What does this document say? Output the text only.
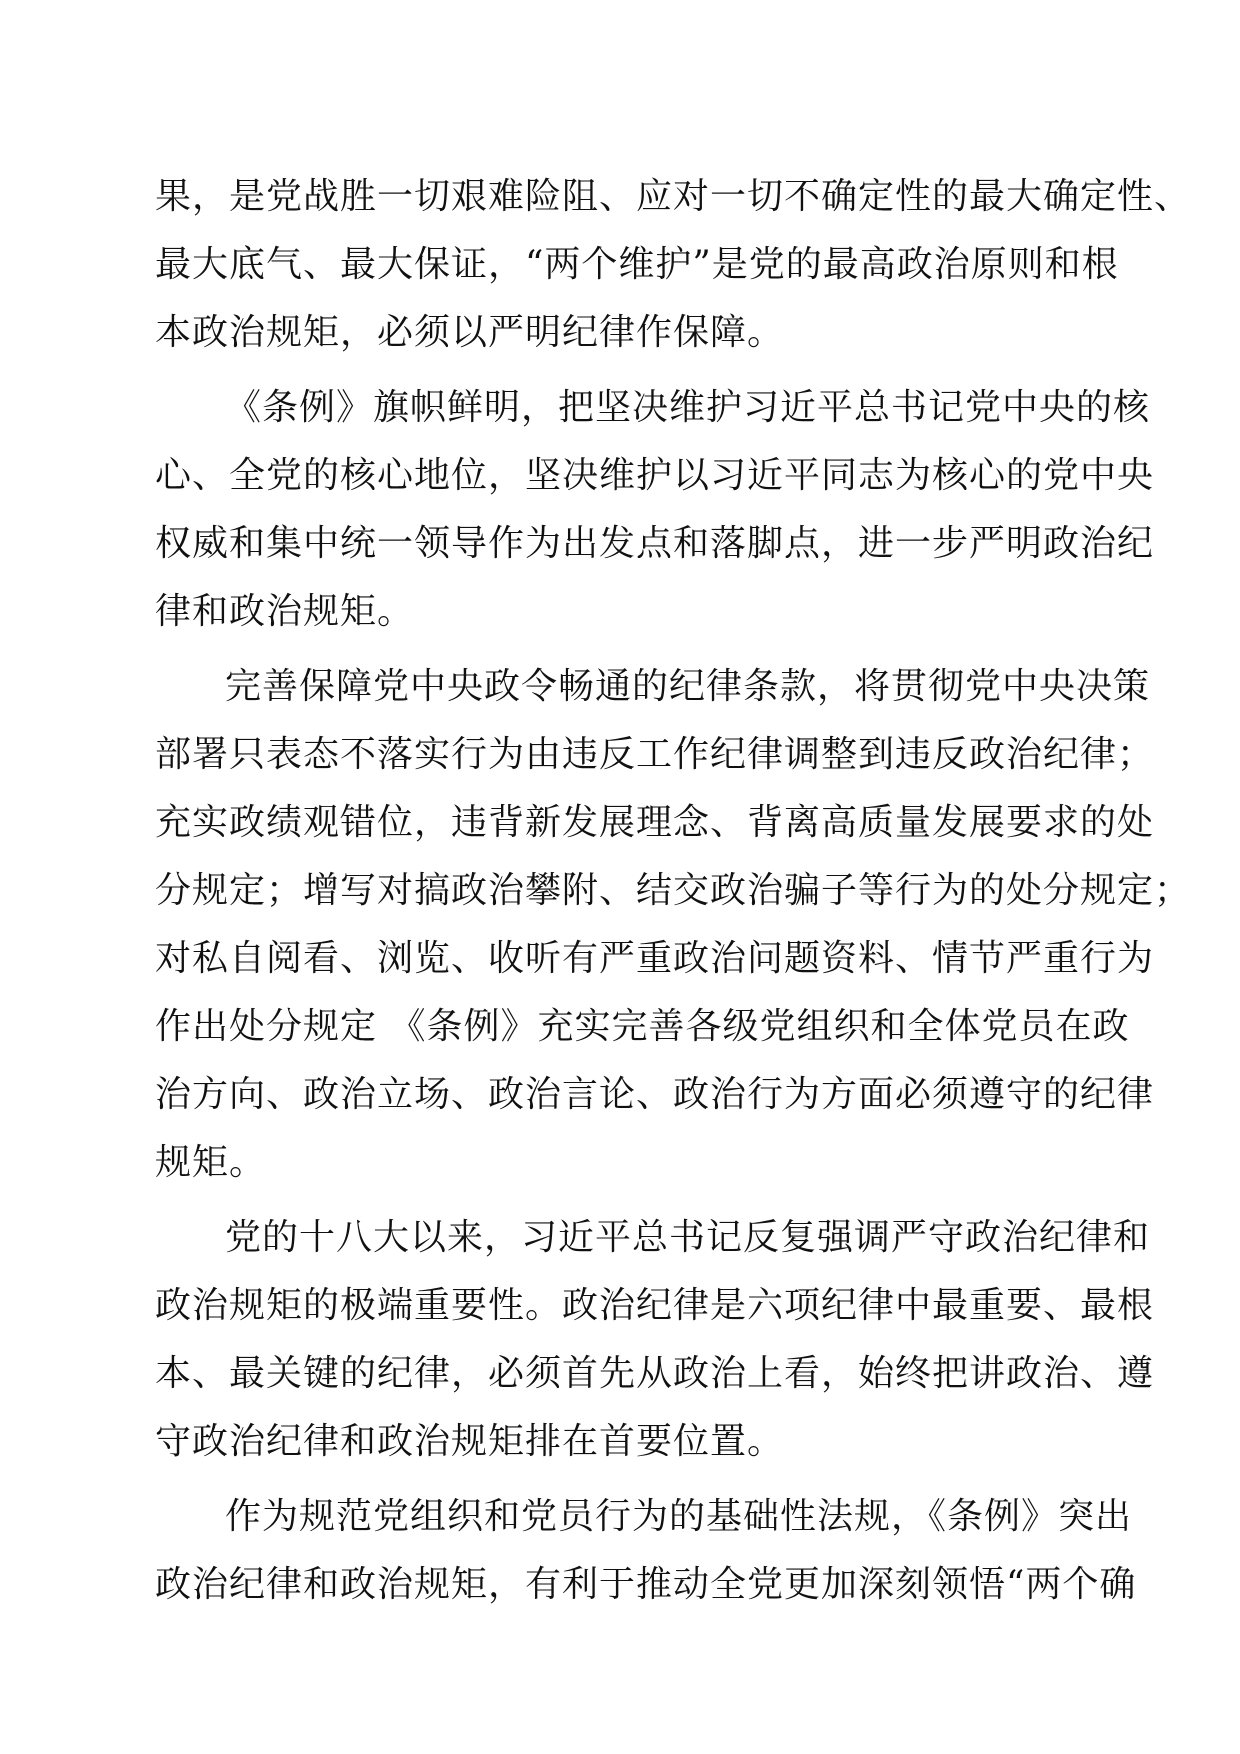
果，是党战胜一切艰难险阻、应对一切不确定性的最大确定性、
最大底气、最大保证，“两个维护”是党的最高政治原则和根
本政治规矩，必须以严明纪律作保障。
《条例》旗帜鲜明，把坚决维护习近平总书记党中央的核
心、全党的核心地位，坚决维护以习近平同志为核心的党中央
权威和集中统一领导作为出发点和落脚点，进一步严明政治纪
律和政治规矩。
完善保障党中央政令畅通的纪律条款，将贯彻党中央决策
部署只表态不落实行为由违反工作纪律调整到违反政治纪律；
充实政绩观错位，违背新发展理念、背离高质量发展要求的处
分规定；增写对搞政治攀附、结交政治骗子等行为的处分规定；
对私自阅看、浏览、收听有严重政治问题资料、情节严重行为
作出处分规定 《条例》充实完善各级党组织和全体党员在政
治方向、政治立场、政治言论、政治行为方面必须遵守的纪律
规矩。
党的十八大以来，习近平总书记反复强调严守政治纪律和
政治规矩的极端重要性。政治纪律是六项纪律中最重要、最根
本、最关键的纪律，必须首先从政治上看，始终把讲政治、遵
守政治纪律和政治规矩排在首要位置。
作为规范党组织和党员行为的基础性法规，《条例》突出
政治纪律和政治规矩，有利于推动全党更加深刻领悟“两个确
